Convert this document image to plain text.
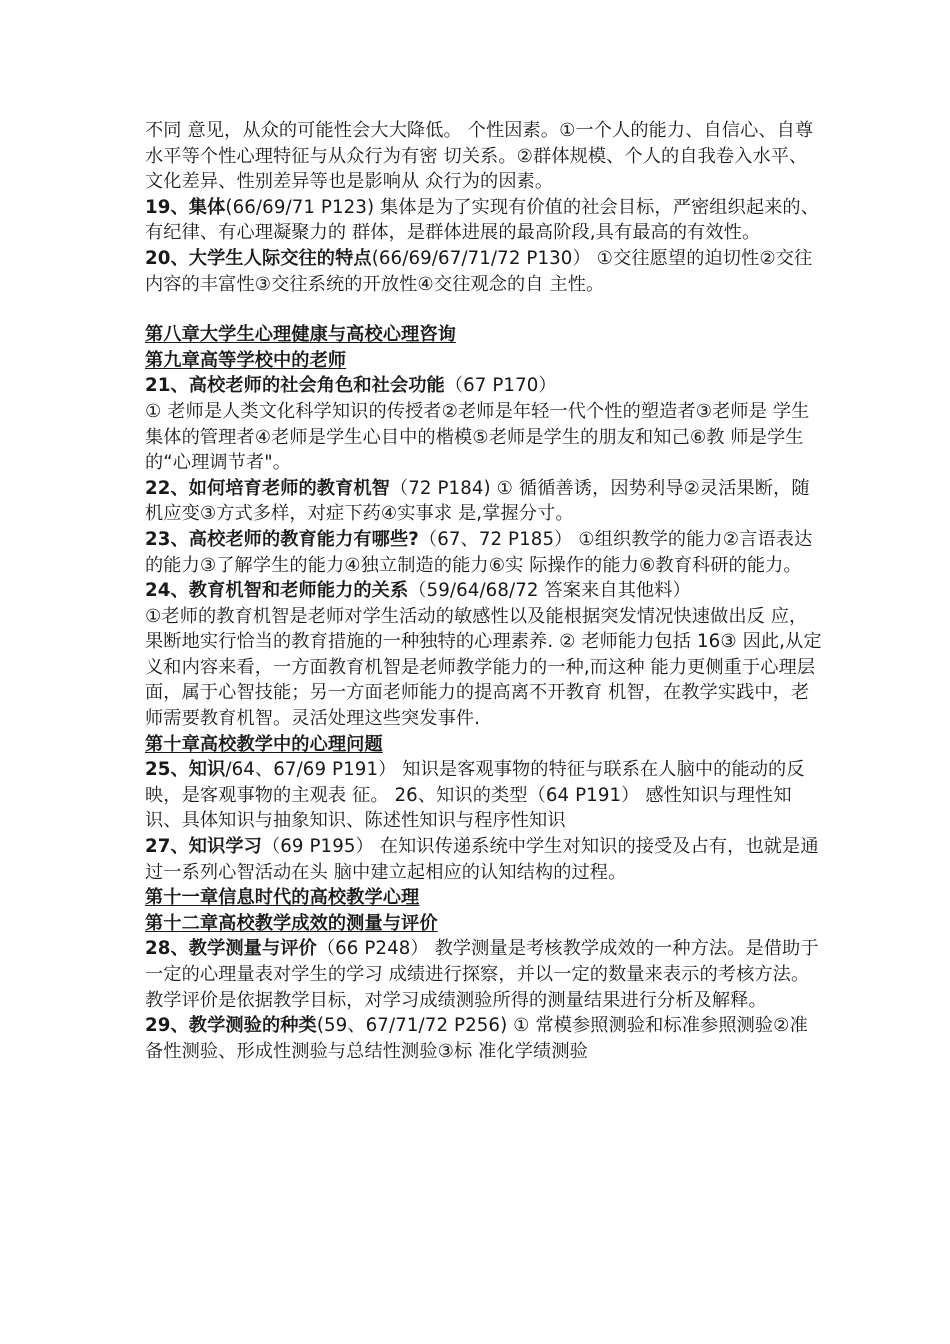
不同 意见，从众的可能性会大大降低。 个性因素。①一个人的能力、自信心、自尊水平等个性心理特征与从众行为有密 切关系。②群体规模、个人的自我卷入水平、文化差异、性别差异等也是影响从 众行为的因素。

19、集体(66/69/71 P123) 集体是为了实现有价值的社会目标，严密组织起来的、有纪律、有心理凝聚力的 群体，是群体进展的最高阶段,具有最高的有效性。

20、大学生人际交往的特点(66/69/67/71/72 P130） ①交往愿望的迫切性②交往内容的丰富性③交往系统的开放性④交往观念的自 主性。

第八章大学生心理健康与高校心理咨询

第九章高等学校中的老师

21、高校老师的社会角色和社会功能（67 P170）

① 老师是人类文化科学知识的传授者②老师是年轻一代个性的塑造者③老师是 学生集体的管理者④老师是学生心目中的楷模⑤老师是学生的朋友和知己⑥教 师是学生的“心理调节者"。

22、如何培育老师的教育机智（72 P184) ① 循循善诱，因势利导②灵活果断，随机应变③方式多样，对症下药④实事求 是,掌握分寸。

23、高校老师的教育能力有哪些?（67、72 P185） ①组织教学的能力②言语表达的能力③了解学生的能力④独立制造的能力⑥实 际操作的能力⑥教育科研的能力。

24、教育机智和老师能力的关系（59/64/68/72 答案来自其他料）

①老师的教育机智是老师对学生活动的敏感性以及能根据突发情况快速做出反 应，果断地实行恰当的教育措施的一种独特的心理素养. ② 老师能力包括 16③ 因此,从定义和内容来看，一方面教育机智是老师教学能力的一种,而这种 能力更侧重于心理层面，属于心智技能；另一方面老师能力的提高离不开教育 机智，在教学实践中，老师需要教育机智。灵活处理这些突发事件.

第十章高校教学中的心理问题

25、知识/64、67/69 P191） 知识是客观事物的特征与联系在人脑中的能动的反映，是客观事物的主观表 征。 26、知识的类型（64 P191） 感性知识与理性知识、具体知识与抽象知识、陈述性知识与程序性知识

27、知识学习（69 P195） 在知识传递系统中学生对知识的接受及占有，也就是通过一系列心智活动在头 脑中建立起相应的认知结构的过程。

第十一章信息时代的高校教学心理

第十二章高校教学成效的测量与评价

28、教学测量与评价（66 P248） 教学测量是考核教学成效的一种方法。是借助于一定的心理量表对学生的学习 成绩进行探察，并以一定的数量来表示的考核方法。 教学评价是依据教学目标，对学习成绩测验所得的测量结果进行分析及解释。

29、教学测验的种类(59、67/71/72 P256) ① 常模参照测验和标准参照测验②准备性测验、形成性测验与总结性测验③标 准化学绩测验
